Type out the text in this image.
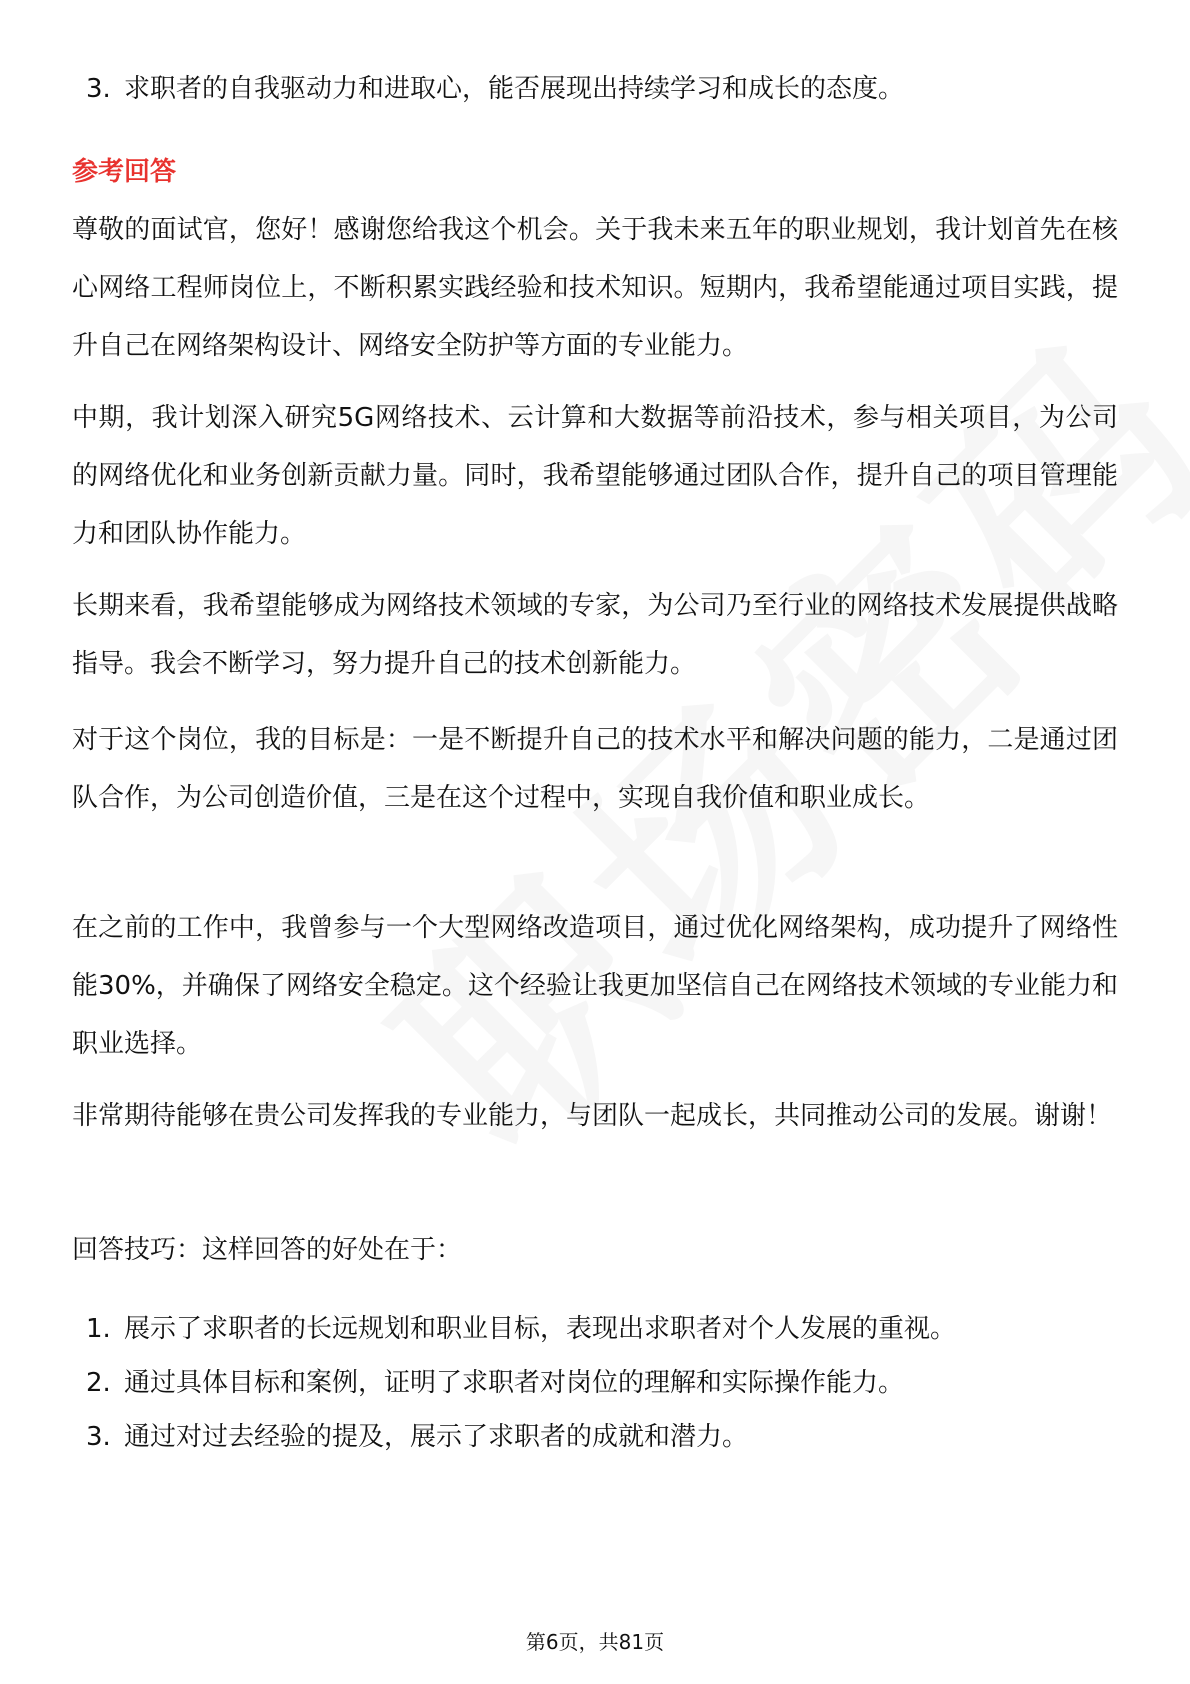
3. 求职者的自我驱动力和进取心，能否展现出持续学习和成长的态度。
参考回答
尊敬的面试官，您好！感谢您给我这个机会。关于我未来五年的职业规划，我计划首先在核心网络工程师岗位上，不断积累实践经验和技术知识。短期内，我希望能通过项目实践，提升自己在网络架构设计、网络安全防护等方面的专业能力。
中期，我计划深入研究5G网络技术、云计算和大数据等前沿技术，参与相关项目，为公司的网络优化和业务创新贡献力量。同时，我希望能够通过团队合作，提升自己的项目管理能力和团队协作能力。
长期来看，我希望能够成为网络技术领域的专家，为公司乃至行业的网络技术发展提供战略指导。我会不断学习，努力提升自己的技术创新能力。
对于这个岗位，我的目标是：一是不断提升自己的技术水平和解决问题的能力，二是通过团队合作，为公司创造价值，三是在这个过程中，实现自我价值和职业成长。
在之前的工作中，我曾参与一个大型网络改造项目，通过优化网络架构，成功提升了网络性能30%，并确保了网络安全稳定。这个经验让我更加坚信自己在网络技术领域的专业能力和职业选择。
非常期待能够在贵公司发挥我的专业能力，与团队一起成长，共同推动公司的发展。谢谢！
回答技巧：这样回答的好处在于：
1. 展示了求职者的长远规划和职业目标，表现出求职者对个人发展的重视。
2. 通过具体目标和案例，证明了求职者对岗位的理解和实际操作能力。
3. 通过对过去经验的提及，展示了求职者的成就和潜力。
第6页，共81页
